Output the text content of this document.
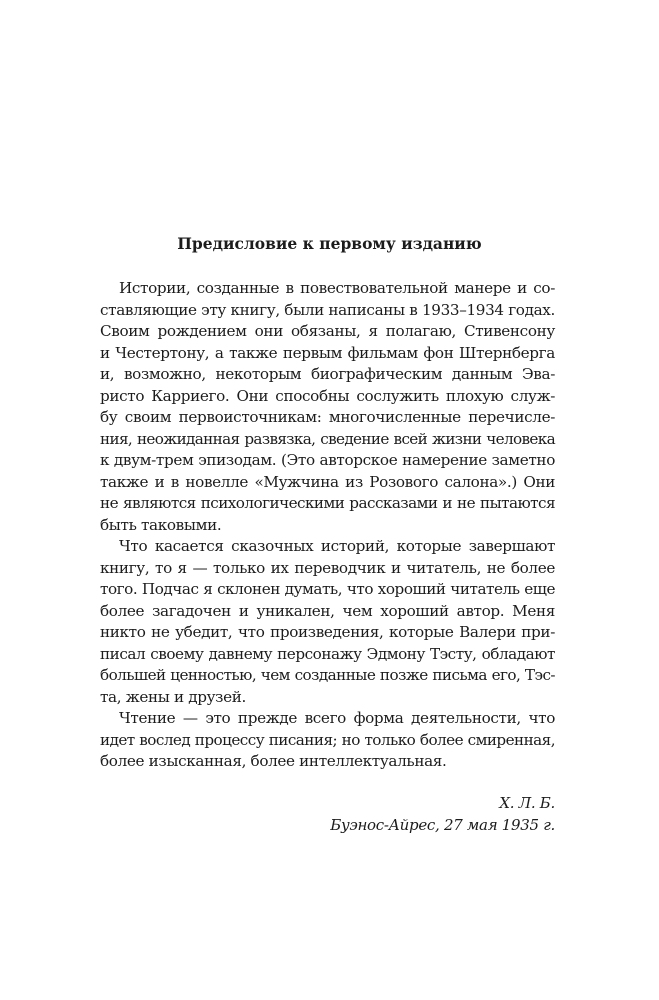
Предисловие к первому изданию
Истории, созданные в повествовательной манере и со-
ставляющие эту книгу, были написаны в 1933–1934 годах.
Своим рождением они обязаны, я полагаю, Стивенсону
и Честертону, а также первым фильмам фон Штернберга
и, возможно, некоторым биографическим данным Эва-
ристо Карриего. Они способны сослужить плохую служ-
бу своим первоисточникам: многочисленные перечисле-
ния, неожиданная развязка, сведение всей жизни человека
к двум-трем эпизодам. (Это авторское намерение заметно
также и в новелле «Мужчина из Розового салона».) Они
не являются психологическими рассказами и не пытаются
быть таковыми.
Что касается сказочных историй, которые завершают
книгу, то я — только их переводчик и читатель, не более
того. Подчас я склонен думать, что хороший читатель еще
более загадочен и уникален, чем хороший автор. Меня
никто не убедит, что произведения, которые Валери при-
писал своему давнему персонажу Эдмону Тэсту, обладают
большей ценностью, чем созданные позже письма его, Тэс-
та, жены и друзей.
Чтение — это прежде всего форма деятельности, что
идет вослед процессу писания; но только более смиренная,
более изысканная, более интеллектуальная.
Х. Л. Б.
Буэнос-Айрес, 27 мая 1935 г.
